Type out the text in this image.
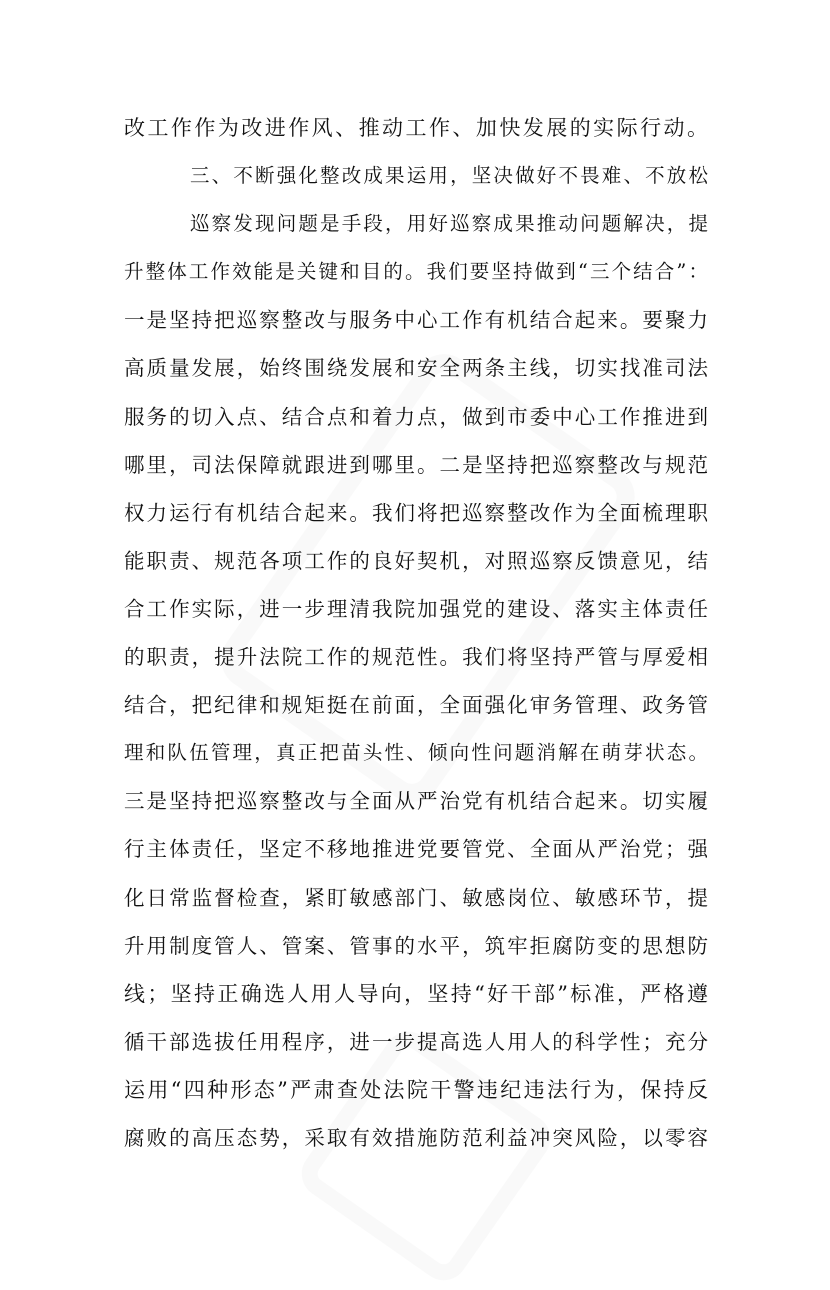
改工作作为改进作风、推动工作、加快发展的实际行动。
三、不断强化整改成果运用，坚决做好不畏难、不放松
巡察发现问题是手段，用好巡察成果推动问题解决，提
升整体工作效能是关键和目的。我们要坚持做到“三个结合”：
一是坚持把巡察整改与服务中心工作有机结合起来。要聚力
高质量发展，始终围绕发展和安全两条主线，切实找准司法
服务的切入点、结合点和着力点，做到市委中心工作推进到
哪里，司法保障就跟进到哪里。二是坚持把巡察整改与规范
权力运行有机结合起来。我们将把巡察整改作为全面梳理职
能职责、规范各项工作的良好契机，对照巡察反馈意见，结
合工作实际，进一步理清我院加强党的建设、落实主体责任
的职责，提升法院工作的规范性。我们将坚持严管与厚爱相
结合，把纪律和规矩挺在前面，全面强化审务管理、政务管
理和队伍管理，真正把苗头性、倾向性问题消解在萌芽状态。
三是坚持把巡察整改与全面从严治党有机结合起来。切实履
行主体责任，坚定不移地推进党要管党、全面从严治党；强
化日常监督检查，紧盯敏感部门、敏感岗位、敏感环节，提
升用制度管人、管案、管事的水平，筑牢拒腐防变的思想防
线；坚持正确选人用人导向，坚持“好干部”标准，严格遵
循干部选拔任用程序，进一步提高选人用人的科学性；充分
运用“四种形态”严肃查处法院干警违纪违法行为，保持反
腐败的高压态势，采取有效措施防范利益冲突风险，以零容
